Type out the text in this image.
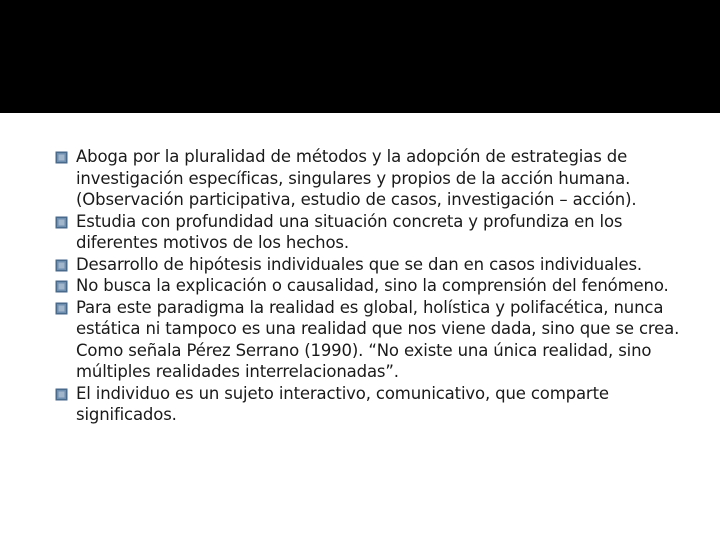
Aboga por la pluralidad de métodos y la adopción de estrategias de investigación específicas, singulares y propios de la acción humana. (Observación participativa, estudio de casos, investigación – acción).
Estudia con profundidad una situación concreta y profundiza en los diferentes motivos de los hechos.
Desarrollo de hipótesis individuales que se dan en casos individuales.
No busca la explicación o causalidad, sino la comprensión del fenómeno.
Para este paradigma la realidad es global, holística y polifacética, nunca estática ni tampoco es una realidad que nos viene dada, sino que se crea. Como señala Pérez Serrano (1990). “No existe una única realidad, sino múltiples realidades interrelacionadas”.
El individuo es un sujeto interactivo, comunicativo, que comparte significados.
